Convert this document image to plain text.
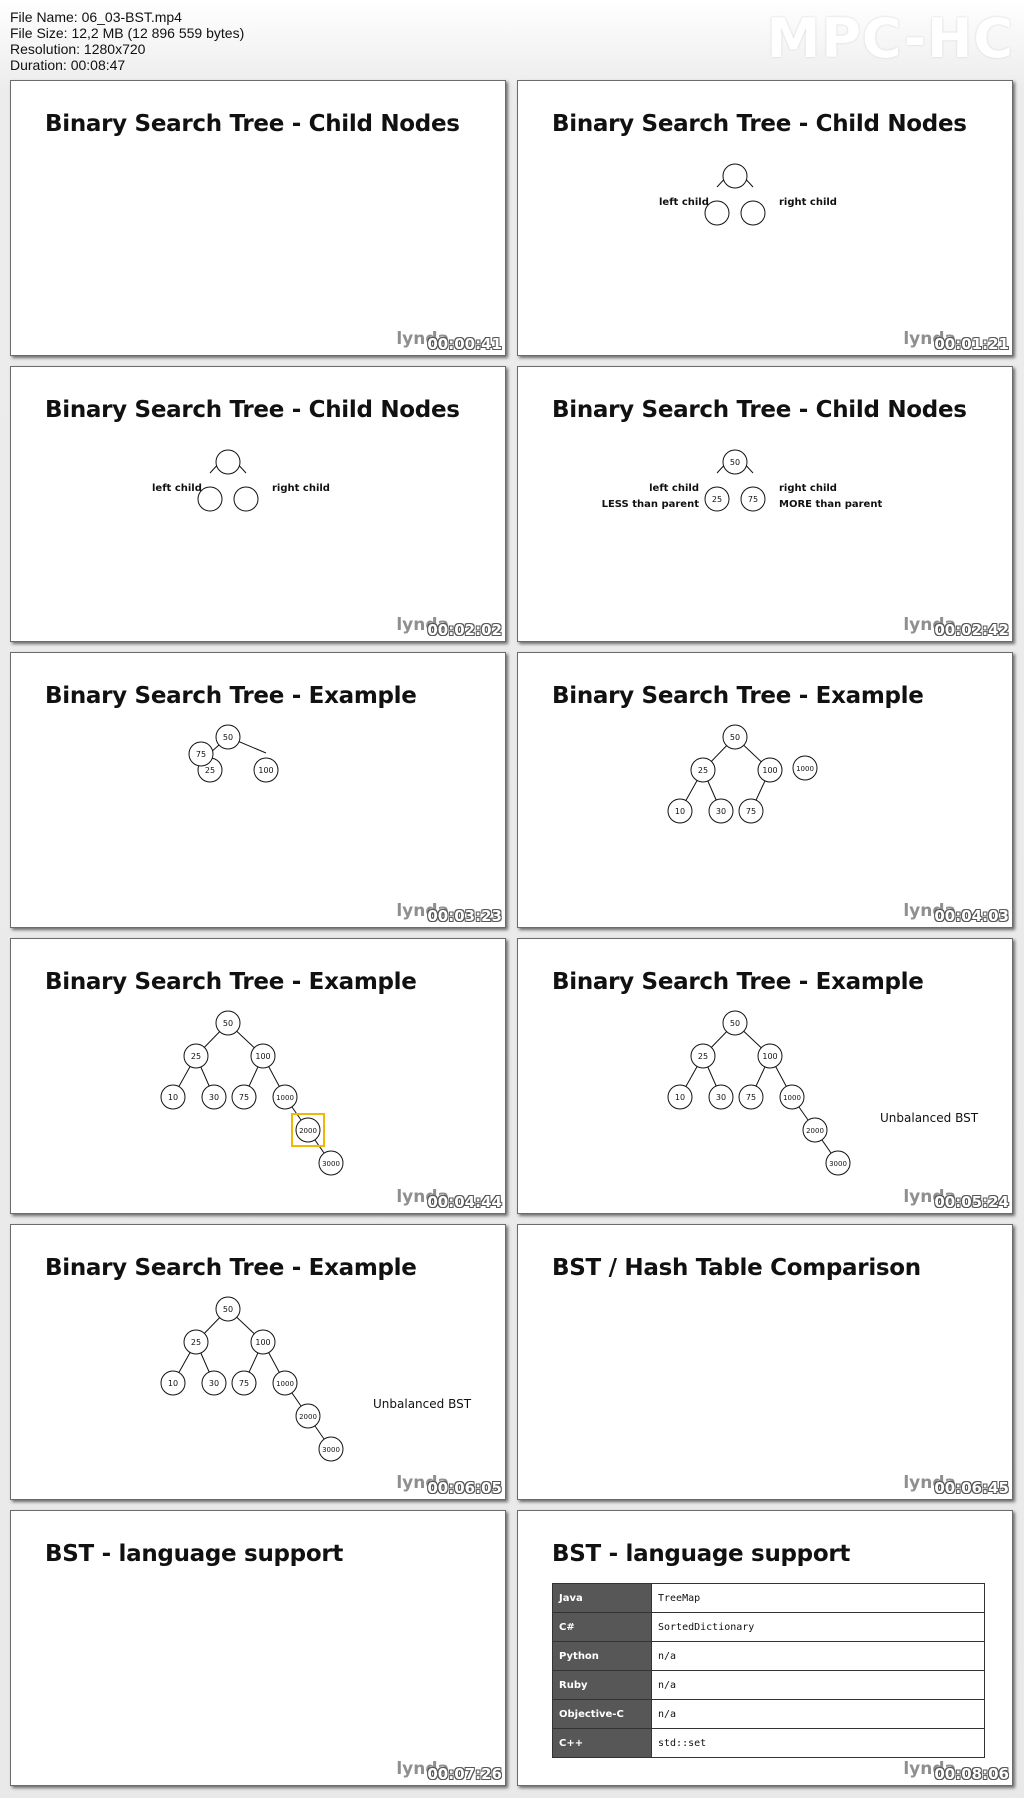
File Name: 06_03-BST.mp4
File Size: 12,2 MB (12 896 559 bytes)
Resolution: 1280x720
Duration: 00:08:47	MPC-HC
Binary Search Tree - Child Nodes
lynda
00:00:41
Binary Search Tree - Child Nodes
left child	right child
lynda
00:01:21
Binary Search Tree - Child Nodes
left child	right child
lynda
00:02:02
Binary Search Tree - Child Nodes
50
25	75
left child
LESS than parent
right child
MORE than parent
lynda
00:02:42
Binary Search Tree - Example
50
25
75
100
lynda
00:03:23
Binary Search Tree - Example
50
25	100	1000
10	30 75
lynda
00:04:03
Binary Search Tree - Example
50
25	100
10	30 75	1000
2000
3000
lynda
00:04:44
Binary Search Tree - Example
50
25	100
10	30 75	1000
2000
3000
Unbalanced BST
lynda
00:05:24
Binary Search Tree - Example
50
25	100
10	30 75	1000
2000
3000
Unbalanced BST
lynda
00:06:05
BST / Hash Table Comparison
lynda
00:06:45
BST - language support
lynda
00:07:26
BST - language support
Java	TreeMap
C#	SortedDictionary
Python	n/a
Ruby	n/a
Objective-C	n/a
C++	std::set
lynda
00:08:06
